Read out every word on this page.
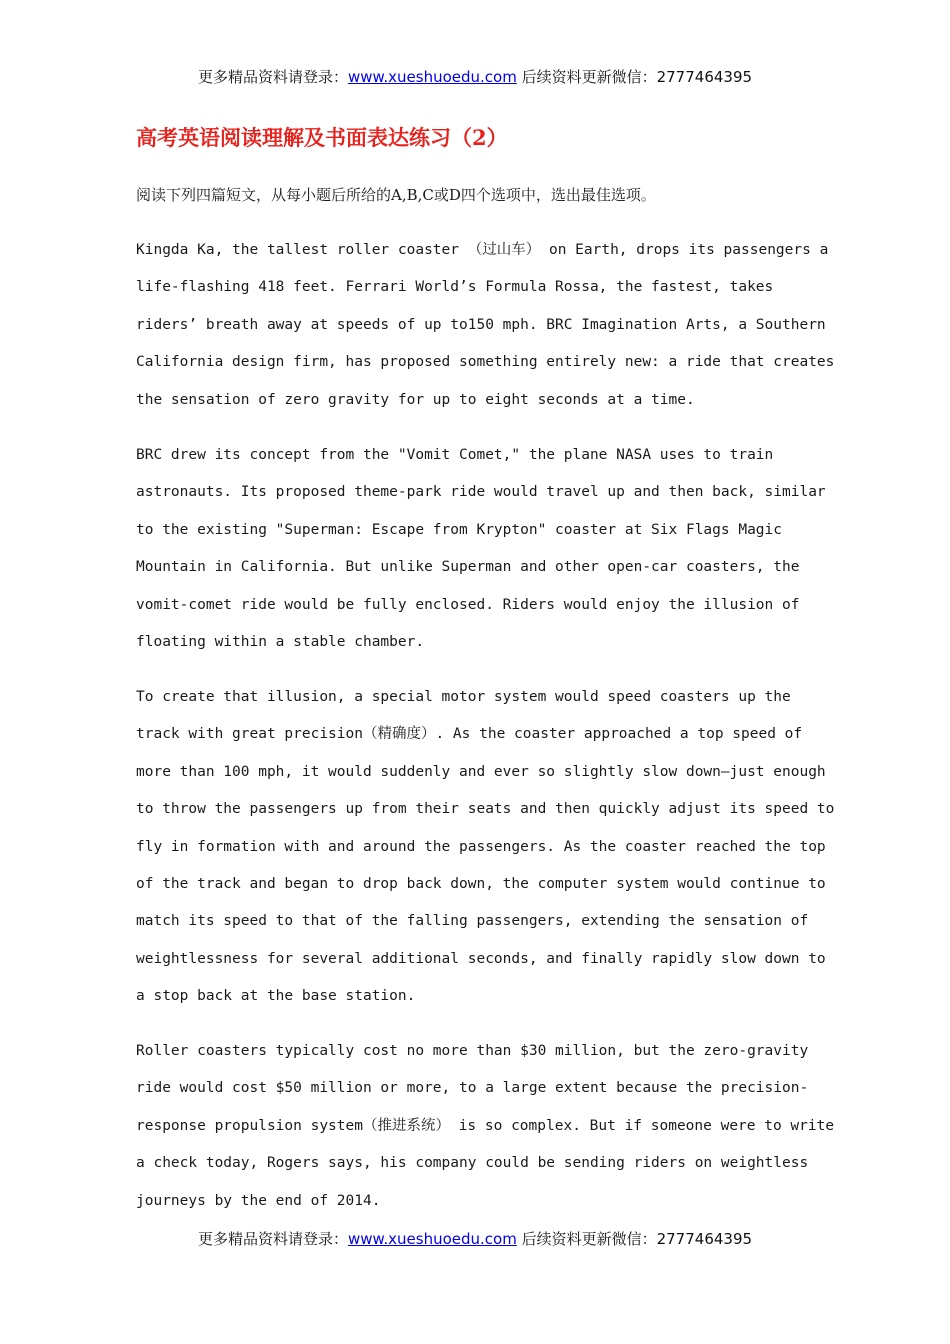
更多精品资料请登录：www.xueshuoedu.com 后续资料更新微信：2777464395
高考英语阅读理解及书面表达练习（2）
阅读下列四篇短文，从每小题后所给的A,B,C或D四个选项中，选出最佳选项。
Kingda Ka, the tallest roller coaster （过山车） on Earth, drops its passengers a
life-flashing 418 feet. Ferrari World’s Formula Rossa, the fastest, takes
riders’ breath away at speeds of up to150 mph. BRC Imagination Arts, a Southern
California design firm, has proposed something entirely new: a ride that creates
the sensation of zero gravity for up to eight seconds at a time.
BRC drew its concept from the "Vomit Comet," the plane NASA uses to train
astronauts. Its proposed theme-park ride would travel up and then back, similar
to the existing "Superman: Escape from Krypton" coaster at Six Flags Magic
Mountain in California. But unlike Superman and other open-car coasters, the
vomit-comet ride would be fully enclosed. Riders would enjoy the illusion of
floating within a stable chamber.
To create that illusion, a special motor system would speed coasters up the
track with great precision（精确度）. As the coaster approached a top speed of
more than 100 mph, it would suddenly and ever so slightly slow down—just enough
to throw the passengers up from their seats and then quickly adjust its speed to
fly in formation with and around the passengers. As the coaster reached the top
of the track and began to drop back down, the computer system would continue to
match its speed to that of the falling passengers, extending the sensation of
weightlessness for several additional seconds, and finally rapidly slow down to
a stop back at the base station.
Roller coasters typically cost no more than $30 million, but the zero-gravity
ride would cost $50 million or more, to a large extent because the precision-
response propulsion system（推进系统） is so complex. But if someone were to write
a check today, Rogers says, his company could be sending riders on weightless
journeys by the end of 2014.
更多精品资料请登录：www.xueshuoedu.com 后续资料更新微信：2777464395
